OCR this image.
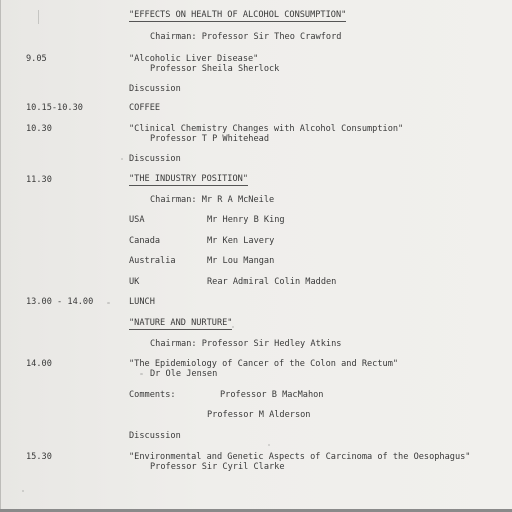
"EFFECTS ON HEALTH OF ALCOHOL CONSUMPTION"
Chairman: Professor Sir Theo Crawford
9.05	"Alcoholic Liver Disease"
Professor Sheila Sherlock
Discussion
10.15-10.30	COFFEE
10.30	"Clinical Chemistry Changes with Alcohol Consumption"
Professor T P Whitehead
Discussion
11.30	"THE INDUSTRY POSITION"
Chairman: Mr R A McNeile
USA	Mr Henry B King
Canada	Mr Ken Lavery
Australia	Mr Lou Mangan
UK	Rear Admiral Colin Madden
13.00 - 14.00	LUNCH
"NATURE AND NURTURE"
Chairman: Professor Sir Hedley Atkins
14.00	"The Epidemiology of Cancer of the Colon and Rectum"
Dr Ole Jensen
Comments:	Professor B MacMahon
Professor M Alderson
Discussion
15.30	"Environmental and Genetic Aspects of Carcinoma of the Oesophagus"
Professor Sir Cyril Clarke
